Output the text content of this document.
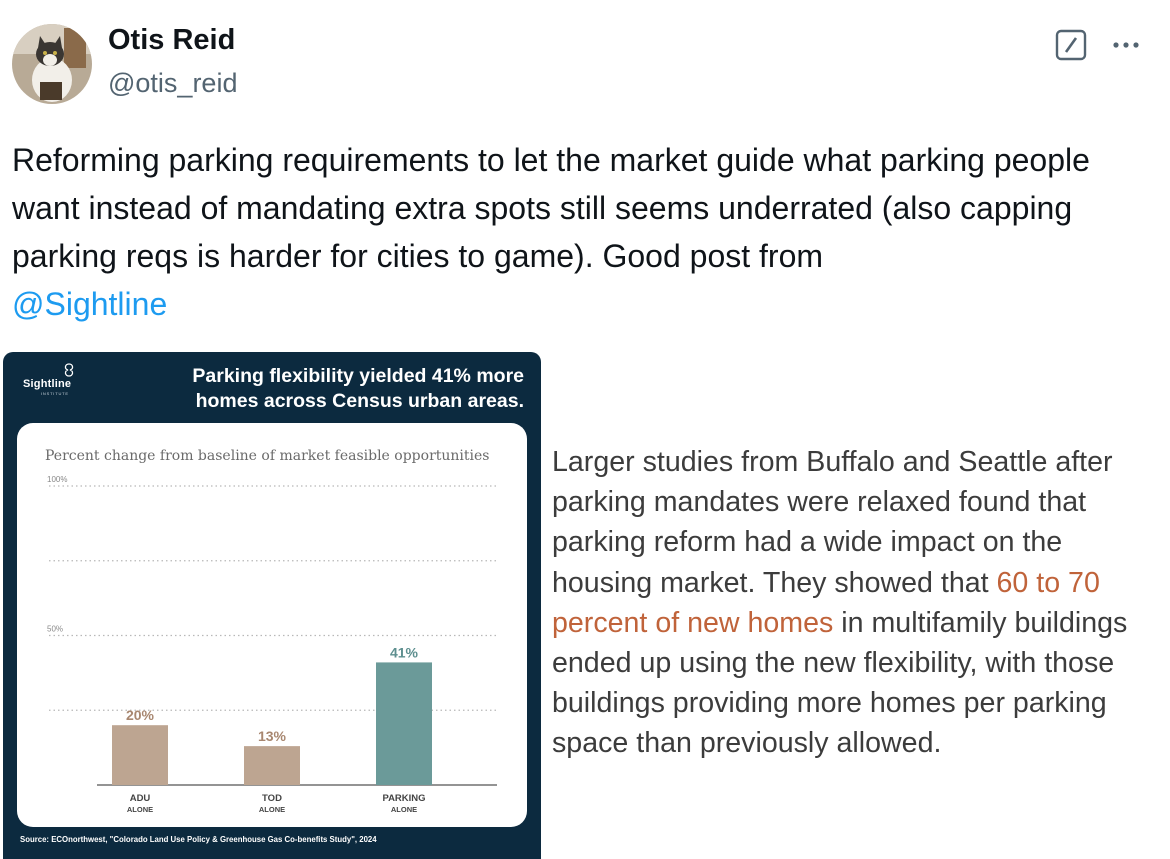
Otis Reid
@otis_reid
Reforming parking requirements to let the market guide what parking people want instead of mandating extra spots still seems underrated (also capping parking reqs is harder for cities to game). Good post from
@Sightline
Sightline
INSTITUTE
Parking flexibility yielded 41% more
homes across Census urban areas.
Percent change from baseline of market feasible opportunities
100%
50%
20%
ADU
ALONE
13%
TOD
ALONE
41%
PARKING
ALONE
Source: ECOnorthwest, "Colorado Land Use Policy & Greenhouse Gas Co-benefits Study", 2024
Larger studies from Buffalo and Seattle after parking mandates were relaxed found that parking reform had a wide impact on the housing market. They showed that 60 to 70 percent of new homes in multifamily buildings ended up using the new flexibility, with those buildings providing more homes per parking space than previously allowed.
